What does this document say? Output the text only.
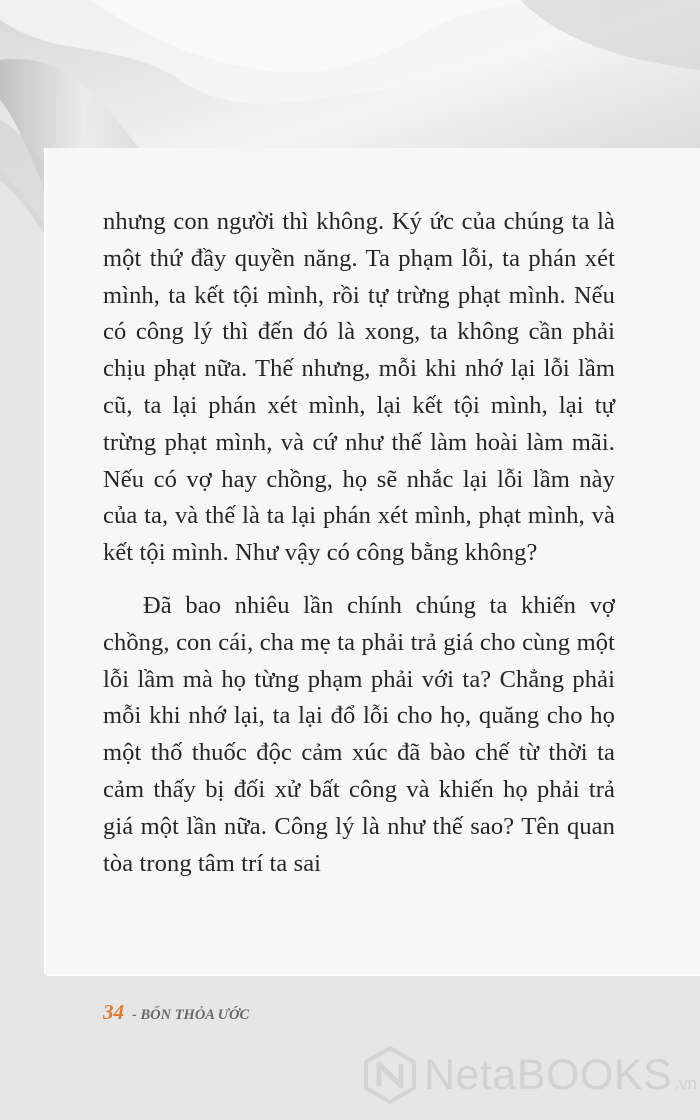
nhưng con người thì không. Ký ức của chúng ta là một thứ đầy quyền năng. Ta phạm lỗi, ta phán xét mình, ta kết tội mình, rồi tự trừng phạt mình. Nếu có công lý thì đến đó là xong, ta không cần phải chịu phạt nữa. Thế nhưng, mỗi khi nhớ lại lỗi lầm cũ, ta lại phán xét mình, lại kết tội mình, lại tự trừng phạt mình, và cứ như thế làm hoài làm mãi. Nếu có vợ hay chồng, họ sẽ nhắc lại lỗi lầm này của ta, và thế là ta lại phán xét mình, phạt mình, và kết tội mình. Như vậy có công bằng không?

Đã bao nhiêu lần chính chúng ta khiến vợ chồng, con cái, cha mẹ ta phải trả giá cho cùng một lỗi lầm mà họ từng phạm phải với ta? Chẳng phải mỗi khi nhớ lại, ta lại đổ lỗi cho họ, quăng cho họ một thố thuốc độc cảm xúc đã bào chế từ thời ta cảm thấy bị đối xử bất công và khiến họ phải trả giá một lần nữa. Công lý là như thế sao? Tên quan tòa trong tâm trí ta sai

34 - BỐN THỎA ƯỚC
NetaBOOKS .vn
